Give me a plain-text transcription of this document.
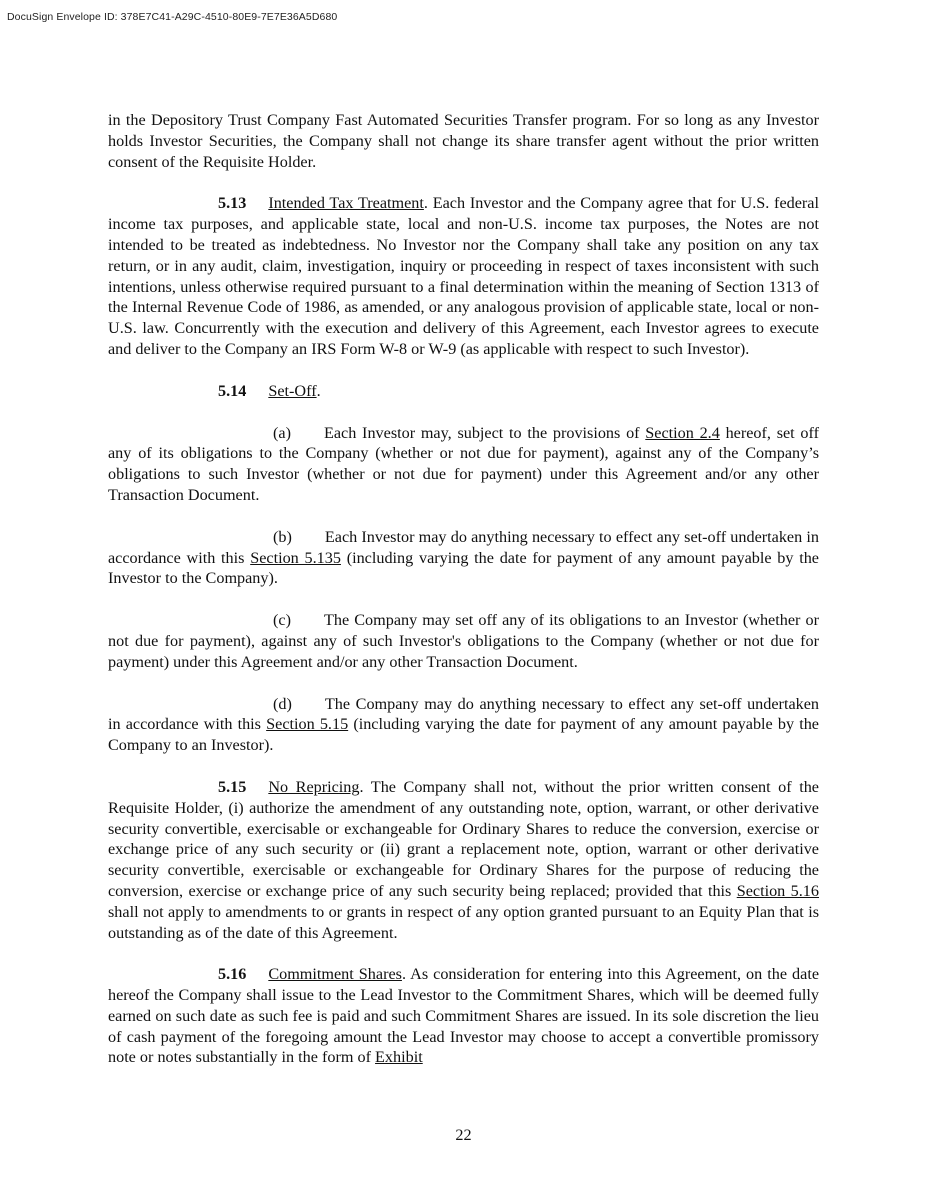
DocuSign Envelope ID: 378E7C41-A29C-4510-80E9-7E7E36A5D680

in the Depository Trust Company Fast Automated Securities Transfer program. For so long as any Investor holds Investor Securities, the Company shall not change its share transfer agent without the prior written consent of the Requisite Holder.

5.13 Intended Tax Treatment. Each Investor and the Company agree that for U.S. federal income tax purposes, and applicable state, local and non-U.S. income tax purposes, the Notes are not intended to be treated as indebtedness. No Investor nor the Company shall take any position on any tax return, or in any audit, claim, investigation, inquiry or proceeding in respect of taxes inconsistent with such intentions, unless otherwise required pursuant to a final determination within the meaning of Section 1313 of the Internal Revenue Code of 1986, as amended, or any analogous provision of applicable state, local or non-U.S. law. Concurrently with the execution and delivery of this Agreement, each Investor agrees to execute and deliver to the Company an IRS Form W-8 or W-9 (as applicable with respect to such Investor).

5.14 Set-Off.

(a) Each Investor may, subject to the provisions of Section 2.4 hereof, set off any of its obligations to the Company (whether or not due for payment), against any of the Company’s obligations to such Investor (whether or not due for payment) under this Agreement and/or any other Transaction Document.

(b) Each Investor may do anything necessary to effect any set-off undertaken in accordance with this Section 5.135 (including varying the date for payment of any amount payable by the Investor to the Company).

(c) The Company may set off any of its obligations to an Investor (whether or not due for payment), against any of such Investor's obligations to the Company (whether or not due for payment) under this Agreement and/or any other Transaction Document.

(d) The Company may do anything necessary to effect any set-off undertaken in accordance with this Section 5.15 (including varying the date for payment of any amount payable by the Company to an Investor).

5.15 No Repricing. The Company shall not, without the prior written consent of the Requisite Holder, (i) authorize the amendment of any outstanding note, option, warrant, or other derivative security convertible, exercisable or exchangeable for Ordinary Shares to reduce the conversion, exercise or exchange price of any such security or (ii) grant a replacement note, option, warrant or other derivative security convertible, exercisable or exchangeable for Ordinary Shares for the purpose of reducing the conversion, exercise or exchange price of any such security being replaced; provided that this Section 5.16 shall not apply to amendments to or grants in respect of any option granted pursuant to an Equity Plan that is outstanding as of the date of this Agreement.

5.16 Commitment Shares. As consideration for entering into this Agreement, on the date hereof the Company shall issue to the Lead Investor to the Commitment Shares, which will be deemed fully earned on such date as such fee is paid and such Commitment Shares are issued. In its sole discretion the lieu of cash payment of the foregoing amount the Lead Investor may choose to accept a convertible promissory note or notes substantially in the form of Exhibit

22
